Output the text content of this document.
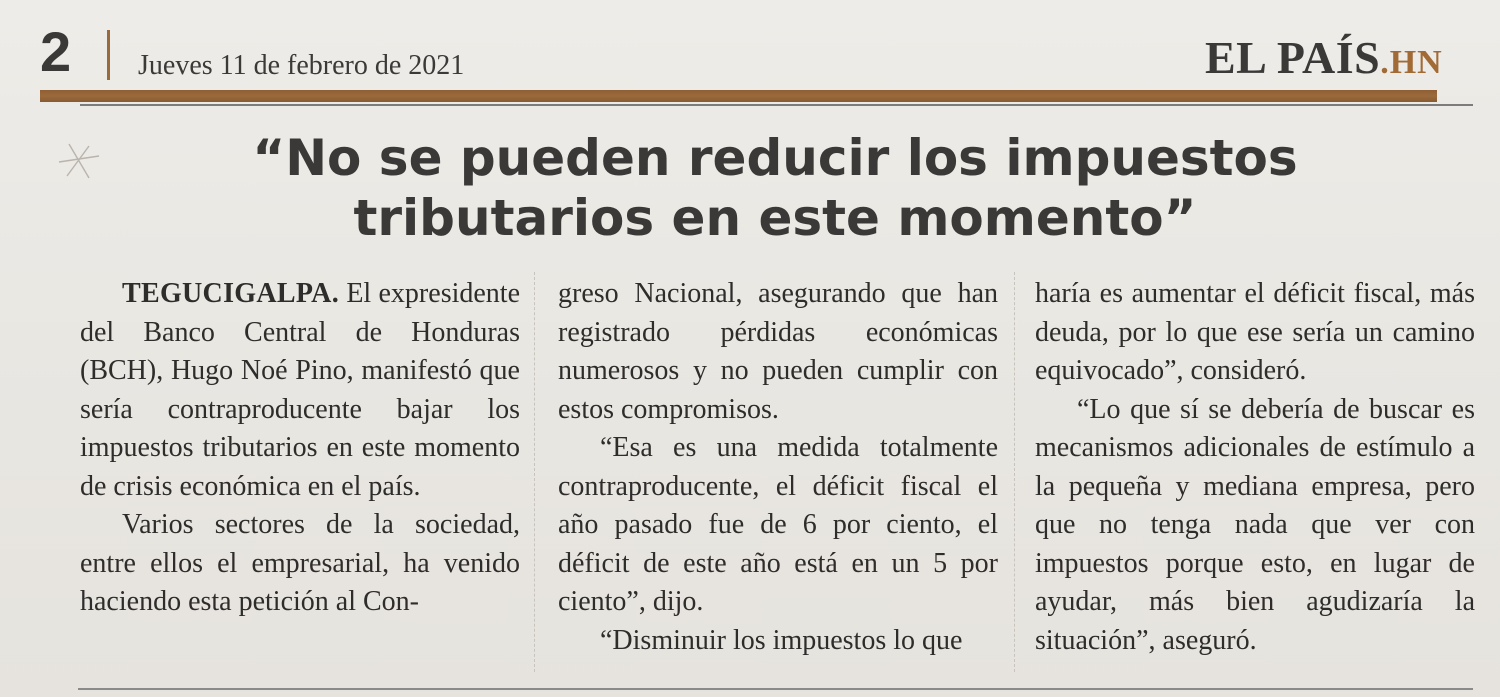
2 Jueves 11 de febrero de 2021	EL PAÍS.HN
“No se pueden reducir los impuestos
tributarios en este momento”

TEGUCIGALPA. El expresidente del Banco Central de Honduras (BCH), Hugo Noé Pino, manifestó que sería contraproducente bajar los impuestos tributarios en este momento de crisis económica en el país.

Varios sectores de la sociedad, entre ellos el empresarial, ha venido haciendo esta petición al Con-

greso Nacional, asegurando que han registrado pérdidas económicas numerosos y no pueden cumplir con estos compromisos.

“Esa es una medida totalmente contraproducente, el déficit fiscal el año pasado fue de 6 por ciento, el déficit de este año está en un 5 por ciento”, dijo.

“Disminuir los impuestos lo que

haría es aumentar el déficit fiscal, más deuda, por lo que ese sería un camino equivocado”, consideró.

“Lo que sí se debería de buscar es mecanismos adicionales de estímulo a la pequeña y mediana empresa, pero que no tenga nada que ver con impuestos porque esto, en lugar de ayudar, más bien agudizaría la situación”, aseguró.
